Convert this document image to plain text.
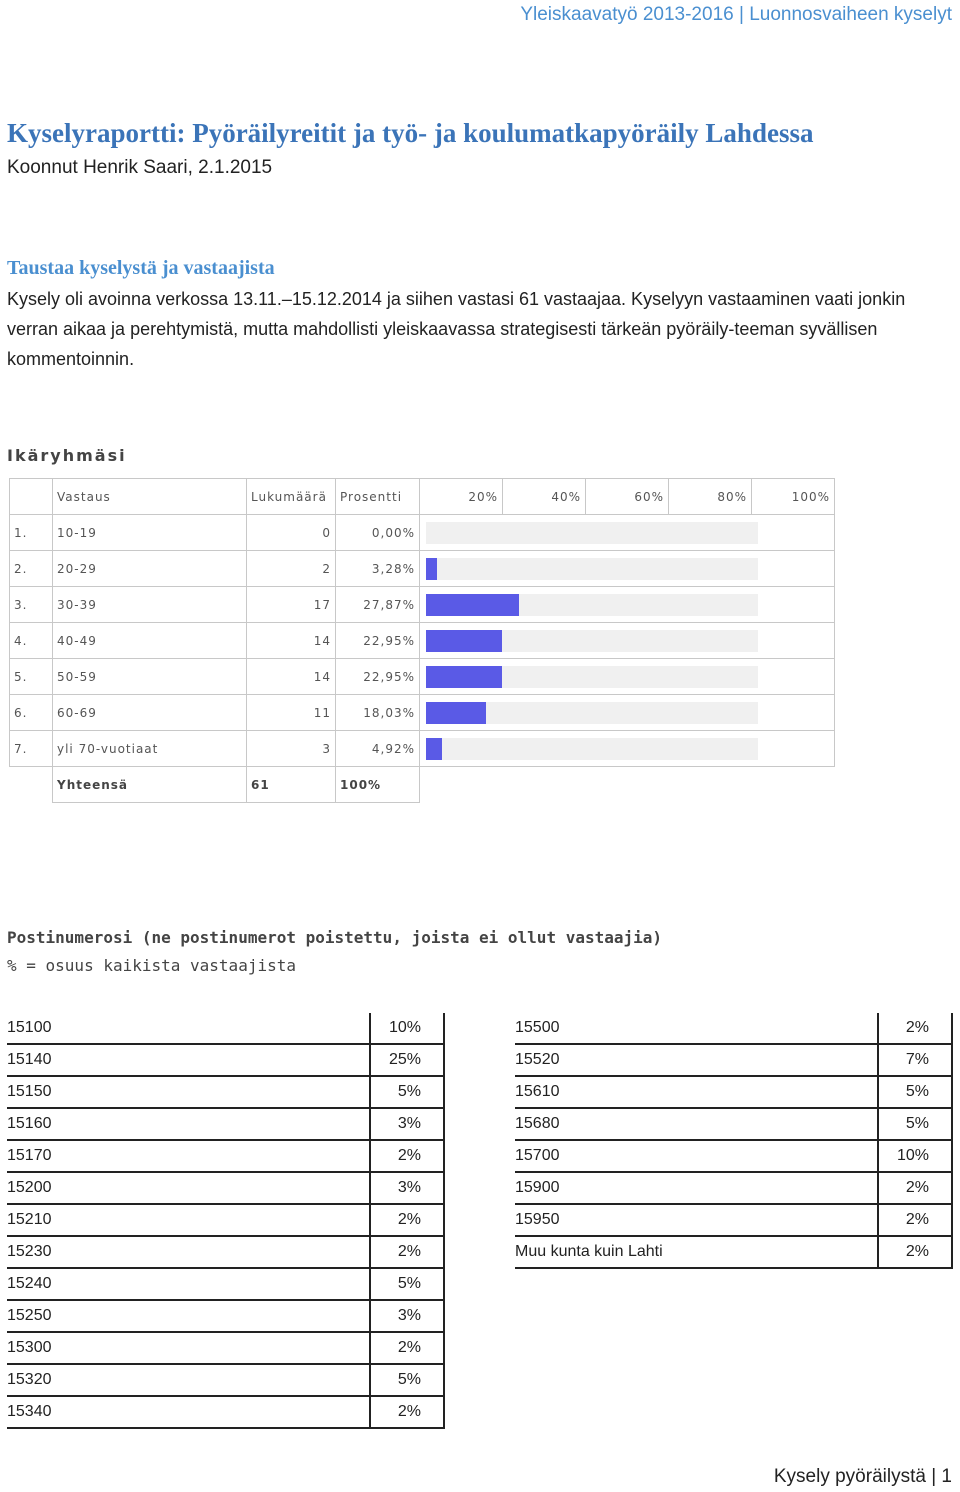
Yleiskaavatyö 2013-2016 | Luonnosvaiheen kyselyt
Kyselyraportti: Pyöräilyreitit ja työ- ja koulumatkapyöräily Lahdessa

Koonnut Henrik Saari, 2.1.2015

Taustaa kyselystä ja vastaajista

Kysely oli avoinna verkossa 13.11.–15.12.2014 ja siihen vastasi 61 vastaajaa. Kyselyyn vastaaminen vaati jonkin verran aikaa ja perehtymistä, mutta mahdollisti yleiskaavassa strategisesti tärkeän pyöräily-teeman syvällisen kommentoinnin.

Ikäryhmäsi
	Vastaus	Lukumäärä	Prosentti	20%	40%	60%	80%	100%
1.	10-19	0	0,00%					

2.	20-29	2	3,28%					

3.	30-39	17	27,87%					

4.	40-49	14	22,95%					

5.	50-59	14	22,95%					

6.	60-69	11	18,03%					

7.	yli 70-vuotiaat	3	4,92%					

	Yhteensä	61	100%					
Postinumerosi (ne postinumerot poistettu, joista ei ollut vastaajia)

% = osuus kaikista vastaajista

15100	10%
15140	25%
15150	5%
15160	3%
15170	2%
15200	3%
15210	2%
15230	2%
15240	5%
15250	3%
15300	2%
15320	5%
15340	2%
15500	2%
15520	7%
15610	5%
15680	5%
15700	10%
15900	2%
15950	2%
Muu kunta kuin Lahti	2%
Kysely pyöräilystä | 1
